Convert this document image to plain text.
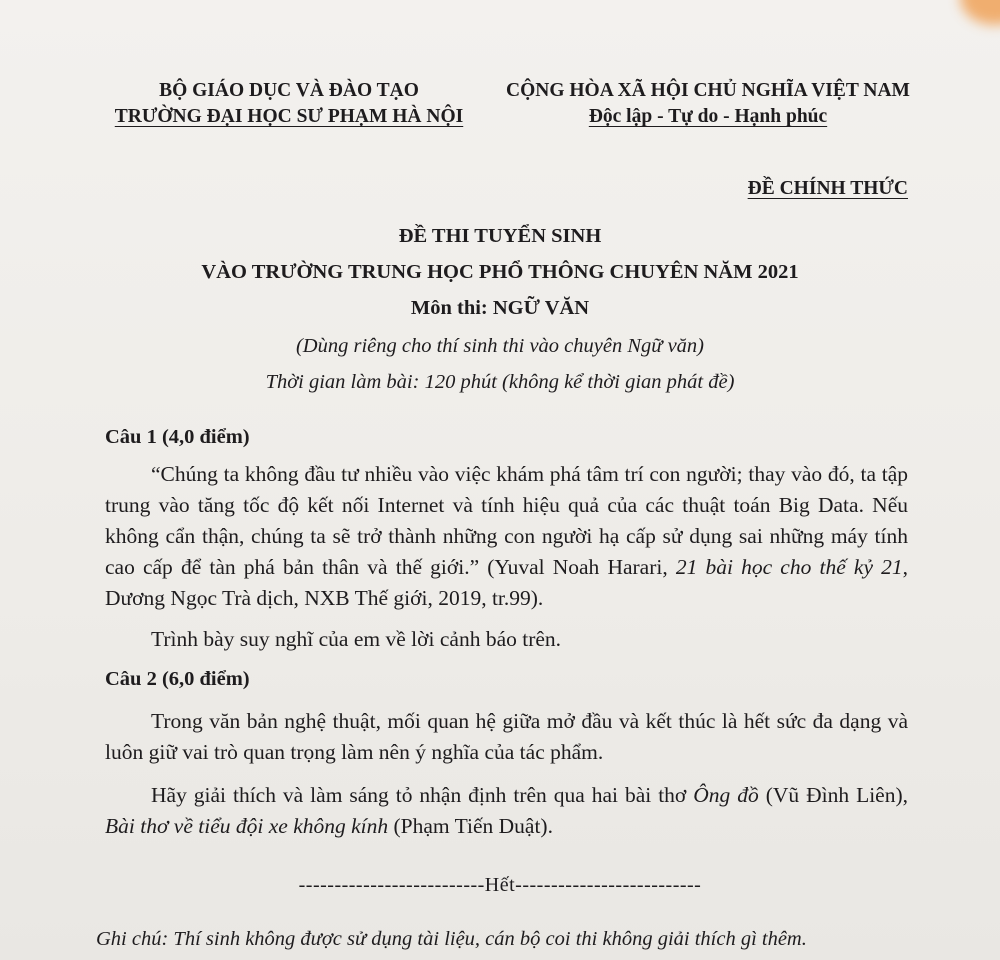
BỘ GIÁO DỤC VÀ ĐÀO TẠO
TRƯỜNG ĐẠI HỌC SƯ PHẠM HÀ NỘI
CỘNG HÒA XÃ HỘI CHỦ NGHĨA VIỆT NAM
Độc lập - Tự do - Hạnh phúc
ĐỀ CHÍNH THỨC
ĐỀ THI TUYỂN SINH
VÀO TRƯỜNG TRUNG HỌC PHỔ THÔNG CHUYÊN NĂM 2021
Môn thi: NGỮ VĂN
(Dùng riêng cho thí sinh thi vào chuyên Ngữ văn)
Thời gian làm bài: 120 phút (không kể thời gian phát đề)
Câu 1 (4,0 điểm)
“Chúng ta không đầu tư nhiều vào việc khám phá tâm trí con người; thay vào đó, ta tập trung vào tăng tốc độ kết nối Internet và tính hiệu quả của các thuật toán Big Data. Nếu không cẩn thận, chúng ta sẽ trở thành những con người hạ cấp sử dụng sai những máy tính cao cấp để tàn phá bản thân và thế giới.” (Yuval Noah Harari, 21 bài học cho thế kỷ 21, Dương Ngọc Trà dịch, NXB Thế giới, 2019, tr.99).
Trình bày suy nghĩ của em về lời cảnh báo trên.
Câu 2 (6,0 điểm)
Trong văn bản nghệ thuật, mối quan hệ giữa mở đầu và kết thúc là hết sức đa dạng và luôn giữ vai trò quan trọng làm nên ý nghĩa của tác phẩm.
Hãy giải thích và làm sáng tỏ nhận định trên qua hai bài thơ Ông đồ (Vũ Đình Liên), Bài thơ về tiểu đội xe không kính (Phạm Tiến Duật).
--------------------------Hết--------------------------
Ghi chú: Thí sinh không được sử dụng tài liệu, cán bộ coi thi không giải thích gì thêm.
